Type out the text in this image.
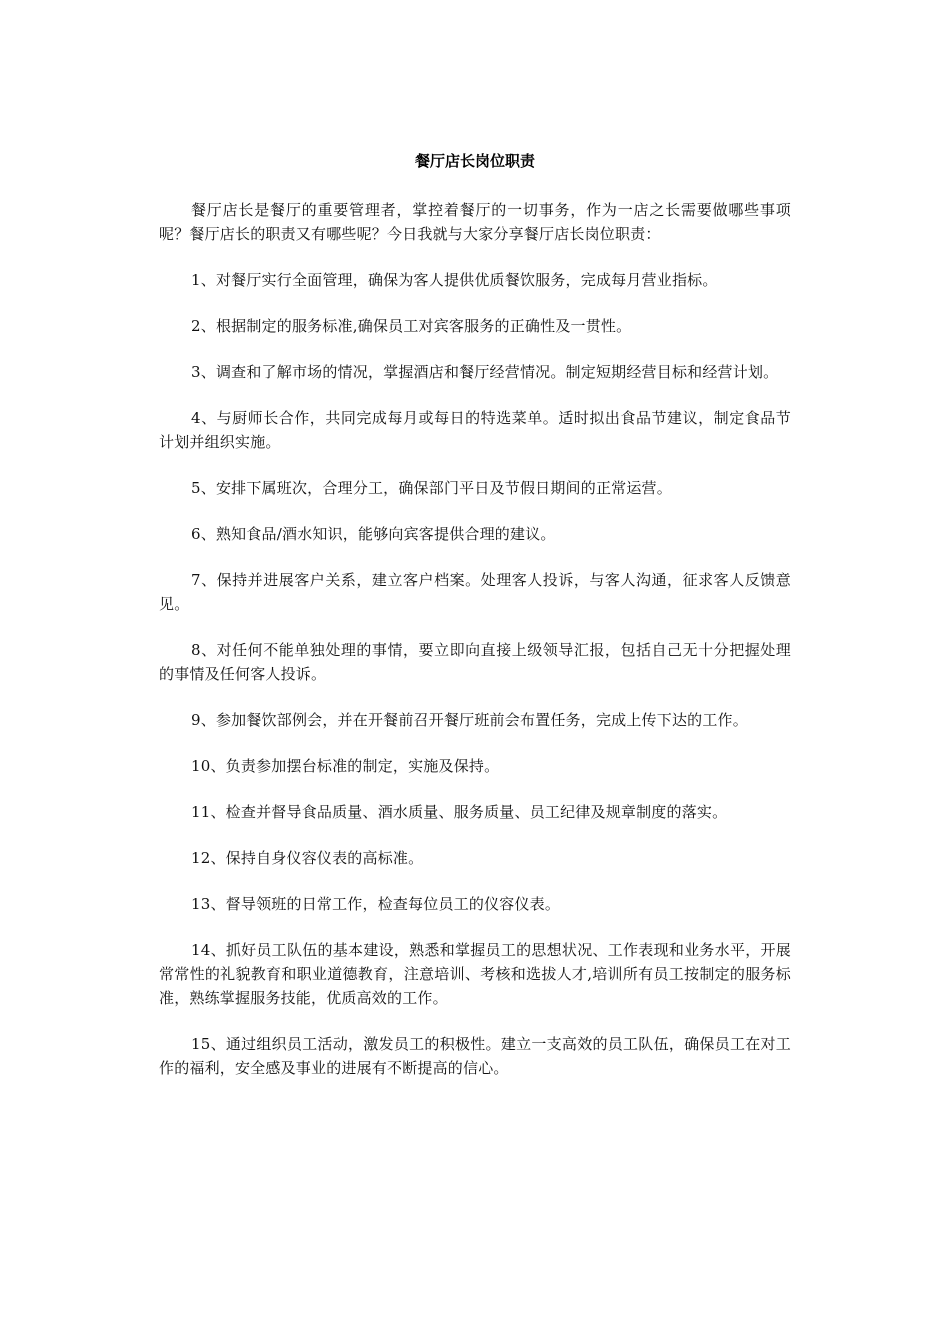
餐厅店长岗位职责

餐厅店长是餐厅的重要管理者，掌控着餐厅的一切事务，作为一店之长需要做哪些事项呢？餐厅店长的职责又有哪些呢？今日我就与大家分享餐厅店长岗位职责：

1、对餐厅实行全面管理，确保为客人提供优质餐饮服务，完成每月营业指标。

2、根据制定的服务标准,确保员工对宾客服务的正确性及一贯性。

3、调查和了解市场的情况，掌握酒店和餐厅经营情况。制定短期经营目标和经营计划。

4、与厨师长合作，共同完成每月或每日的特选菜单。适时拟出食品节建议，制定食品节计划并组织实施。

5、安排下属班次，合理分工，确保部门平日及节假日期间的正常运营。

6、熟知食品/酒水知识，能够向宾客提供合理的建议。

7、保持并进展客户关系，建立客户档案。处理客人投诉，与客人沟通，征求客人反馈意见。

8、对任何不能单独处理的事情，要立即向直接上级领导汇报，包括自己无十分把握处理的事情及任何客人投诉。

9、参加餐饮部例会，并在开餐前召开餐厅班前会布置任务，完成上传下达的工作。

10、负责参加摆台标准的制定，实施及保持。

11、检查并督导食品质量、酒水质量、服务质量、员工纪律及规章制度的落实。

12、保持自身仪容仪表的高标准。

13、督导领班的日常工作，检查每位员工的仪容仪表。

14、抓好员工队伍的基本建设，熟悉和掌握员工的思想状况、工作表现和业务水平，开展常常性的礼貌教育和职业道德教育，注意培训、考核和选拔人才,培训所有员工按制定的服务标准，熟练掌握服务技能，优质高效的工作。

15、通过组织员工活动，激发员工的积极性。建立一支高效的员工队伍，确保员工在对工作的福利，安全感及事业的进展有不断提高的信心。
